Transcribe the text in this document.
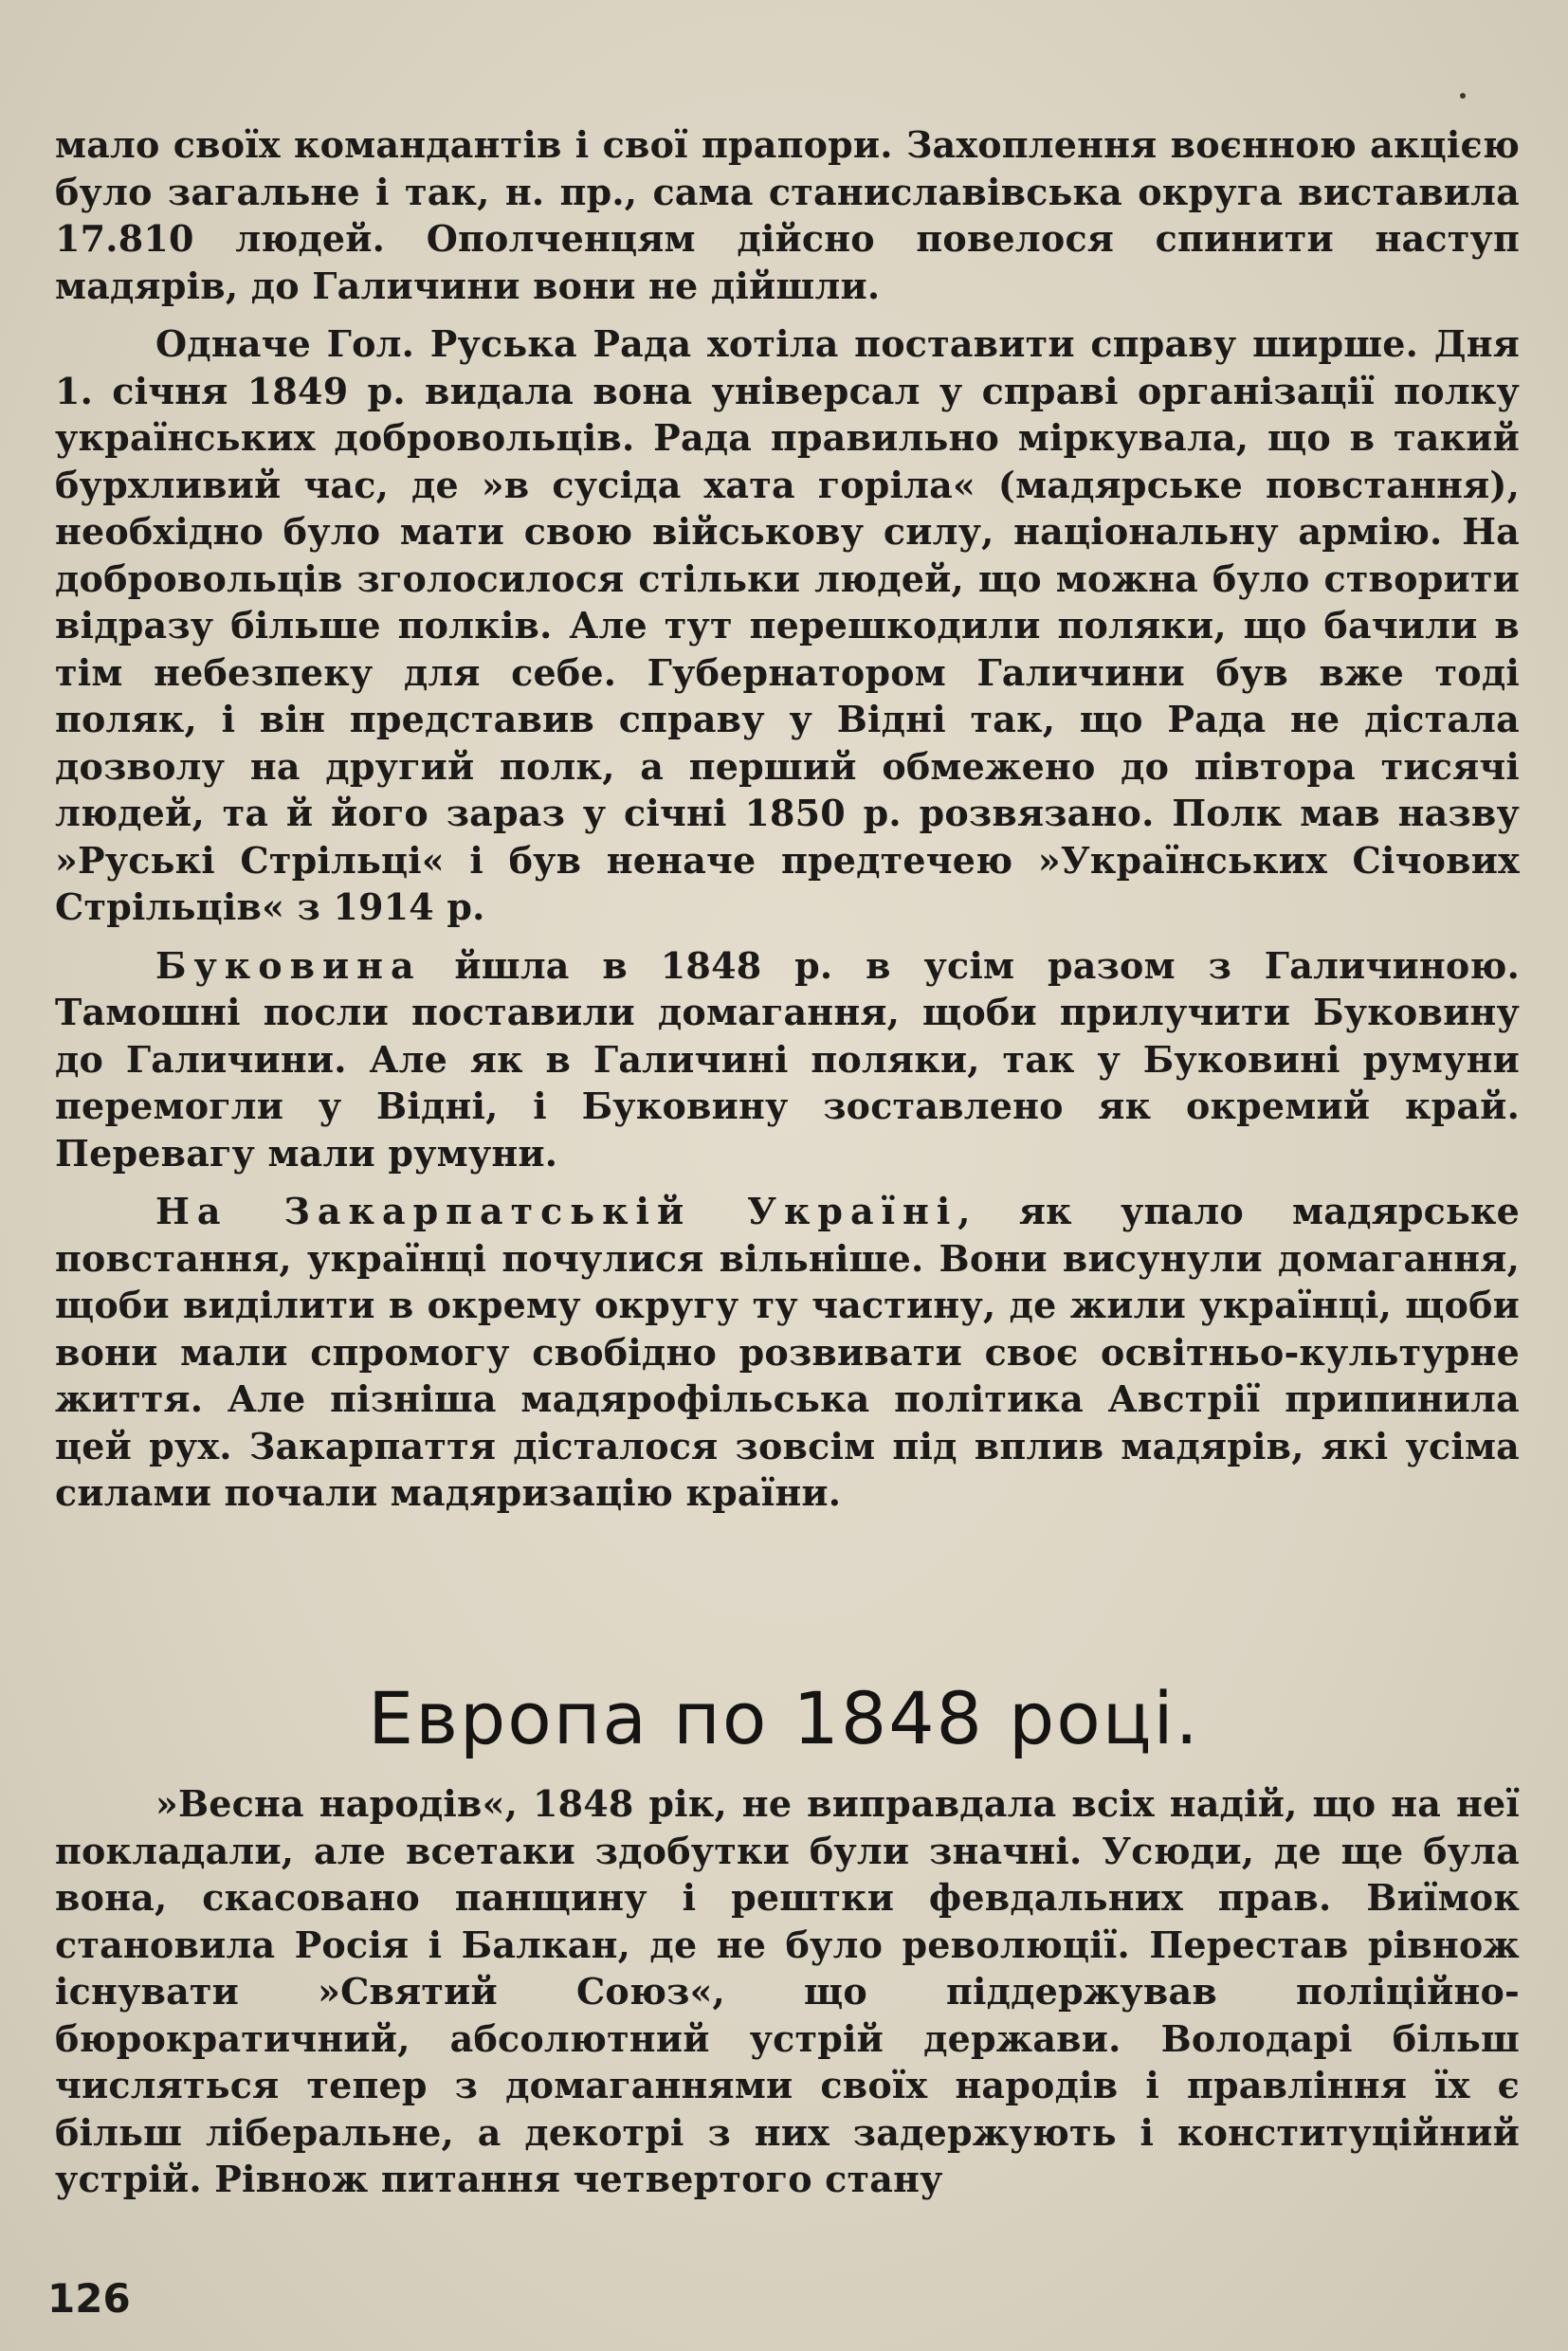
мало своїх командантів і свої прапори. Захоплення воєнною акцією було загальне і так, н. пр., сама станиславівська округа виставила 17.810 людей. Ополченцям дійсно повелося спинити наступ мадярів, до Галичини вони не дійшли.

Одначе Гол. Руська Рада хотіла поставити справу ширше. Дня 1. січня 1849 р. видала вона універсал у справі організації полку українських добровольців. Рада правильно міркувала, що в такий бурхливий час, де »в сусіда хата горіла« (мадярське повстання), необхідно було мати свою військову силу, національну армію. На добровольців зголосилося стільки людей, що можна було створити відразу більше полків. Але тут перешкодили поляки, що бачили в тім небезпеку для себе. Губернатором Галичини був вже тоді поляк, і він представив справу у Відні так, що Рада не дістала дозволу на другий полк, а перший обмежено до півтора тисячі людей, та й його зараз у січні 1850 р. розвязано. Полк мав назву »Руські Стрільці« і був неначе предтечею »Українських Січових Стрільців« з 1914 р.

Буковина йшла в 1848 р. в усім разом з Галичиною. Тамошні посли поставили домагання, щоби прилучити Буковину до Галичини. Але як в Галичині поляки, так у Буковині румуни перемогли у Відні, і Буковину зоставлено як окремий край. Перевагу мали румуни.

На Закарпатській Україні, як упало мадярське повстання, українці почулися вільніше. Вони висунули домагання, щоби виділити в окрему округу ту частину, де жили українці, щоби вони мали спромогу свобідно розвивати своє освітньо-культурне життя. Але пізніша мадярофільська політика Австрії припинила цей рух. Закарпаття дісталося зовсім під вплив мадярів, які усіма силами почали мадяризацію країни.

Европа по 1848 році.

»Весна народів«, 1848 рік, не виправдала всіх надій, що на неї покладали, але всетаки здобутки були значні. Усюди, де ще була вона, скасовано панщину і рештки февдальних прав. Виїмок становила Росія і Балкан, де не було революції. Перестав рівнож існувати »Святий Союз«, що піддержував поліційно-бюрократичний, абсолютний устрій держави. Володарі більш числяться тепер з домаганнями своїх народів і правління їх є більш ліберальне, а декотрі з них задержують і конституційний устрій. Рівнож питання четвертого стану

126
